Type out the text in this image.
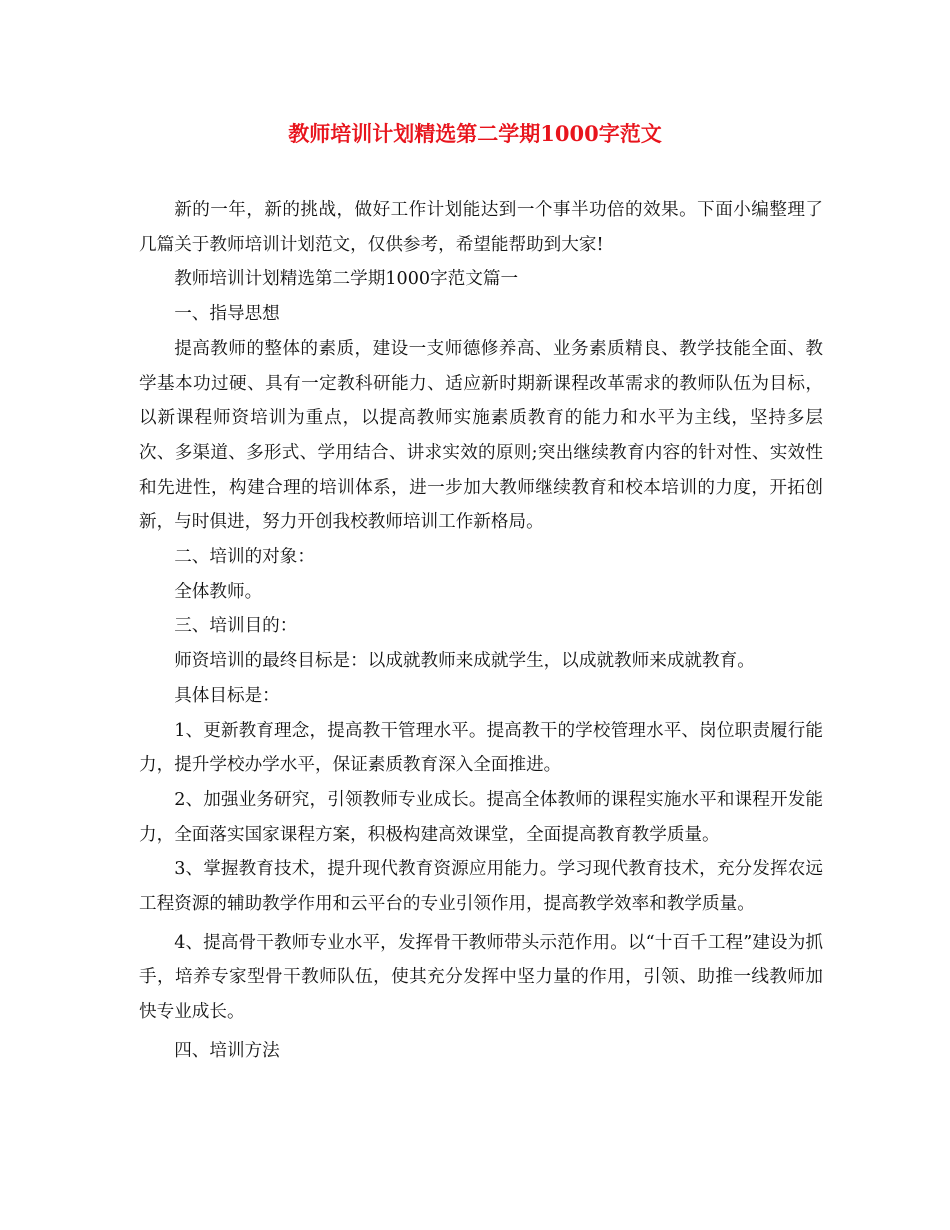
教师培训计划精选第二学期1000字范文

新的一年，新的挑战，做好工作计划能达到一个事半功倍的效果。下面小编整理了几篇关于教师培训计划范文，仅供参考，希望能帮助到大家!

教师培训计划精选第二学期1000字范文篇一

一、指导思想

提高教师的整体的素质，建设一支师德修养高、业务素质精良、教学技能全面、教学基本功过硬、具有一定教科研能力、适应新时期新课程改革需求的教师队伍为目标，以新课程师资培训为重点，以提高教师实施素质教育的能力和水平为主线，坚持多层次、多渠道、多形式、学用结合、讲求实效的原则;突出继续教育内容的针对性、实效性和先进性，构建合理的培训体系，进一步加大教师继续教育和校本培训的力度，开拓创新，与时俱进，努力开创我校教师培训工作新格局。

二、培训的对象：

全体教师。

三、培训目的：

师资培训的最终目标是：以成就教师来成就学生，以成就教师来成就教育。

具体目标是：

1、更新教育理念，提高教干管理水平。提高教干的学校管理水平、岗位职责履行能力，提升学校办学水平，保证素质教育深入全面推进。

2、加强业务研究，引领教师专业成长。提高全体教师的课程实施水平和课程开发能力，全面落实国家课程方案，积极构建高效课堂，全面提高教育教学质量。

3、掌握教育技术，提升现代教育资源应用能力。学习现代教育技术，充分发挥农远工程资源的辅助教学作用和云平台的专业引领作用，提高教学效率和教学质量。

4、提高骨干教师专业水平，发挥骨干教师带头示范作用。以“十百千工程”建设为抓手，培养专家型骨干教师队伍，使其充分发挥中坚力量的作用，引领、助推一线教师加快专业成长。

四、培训方法
